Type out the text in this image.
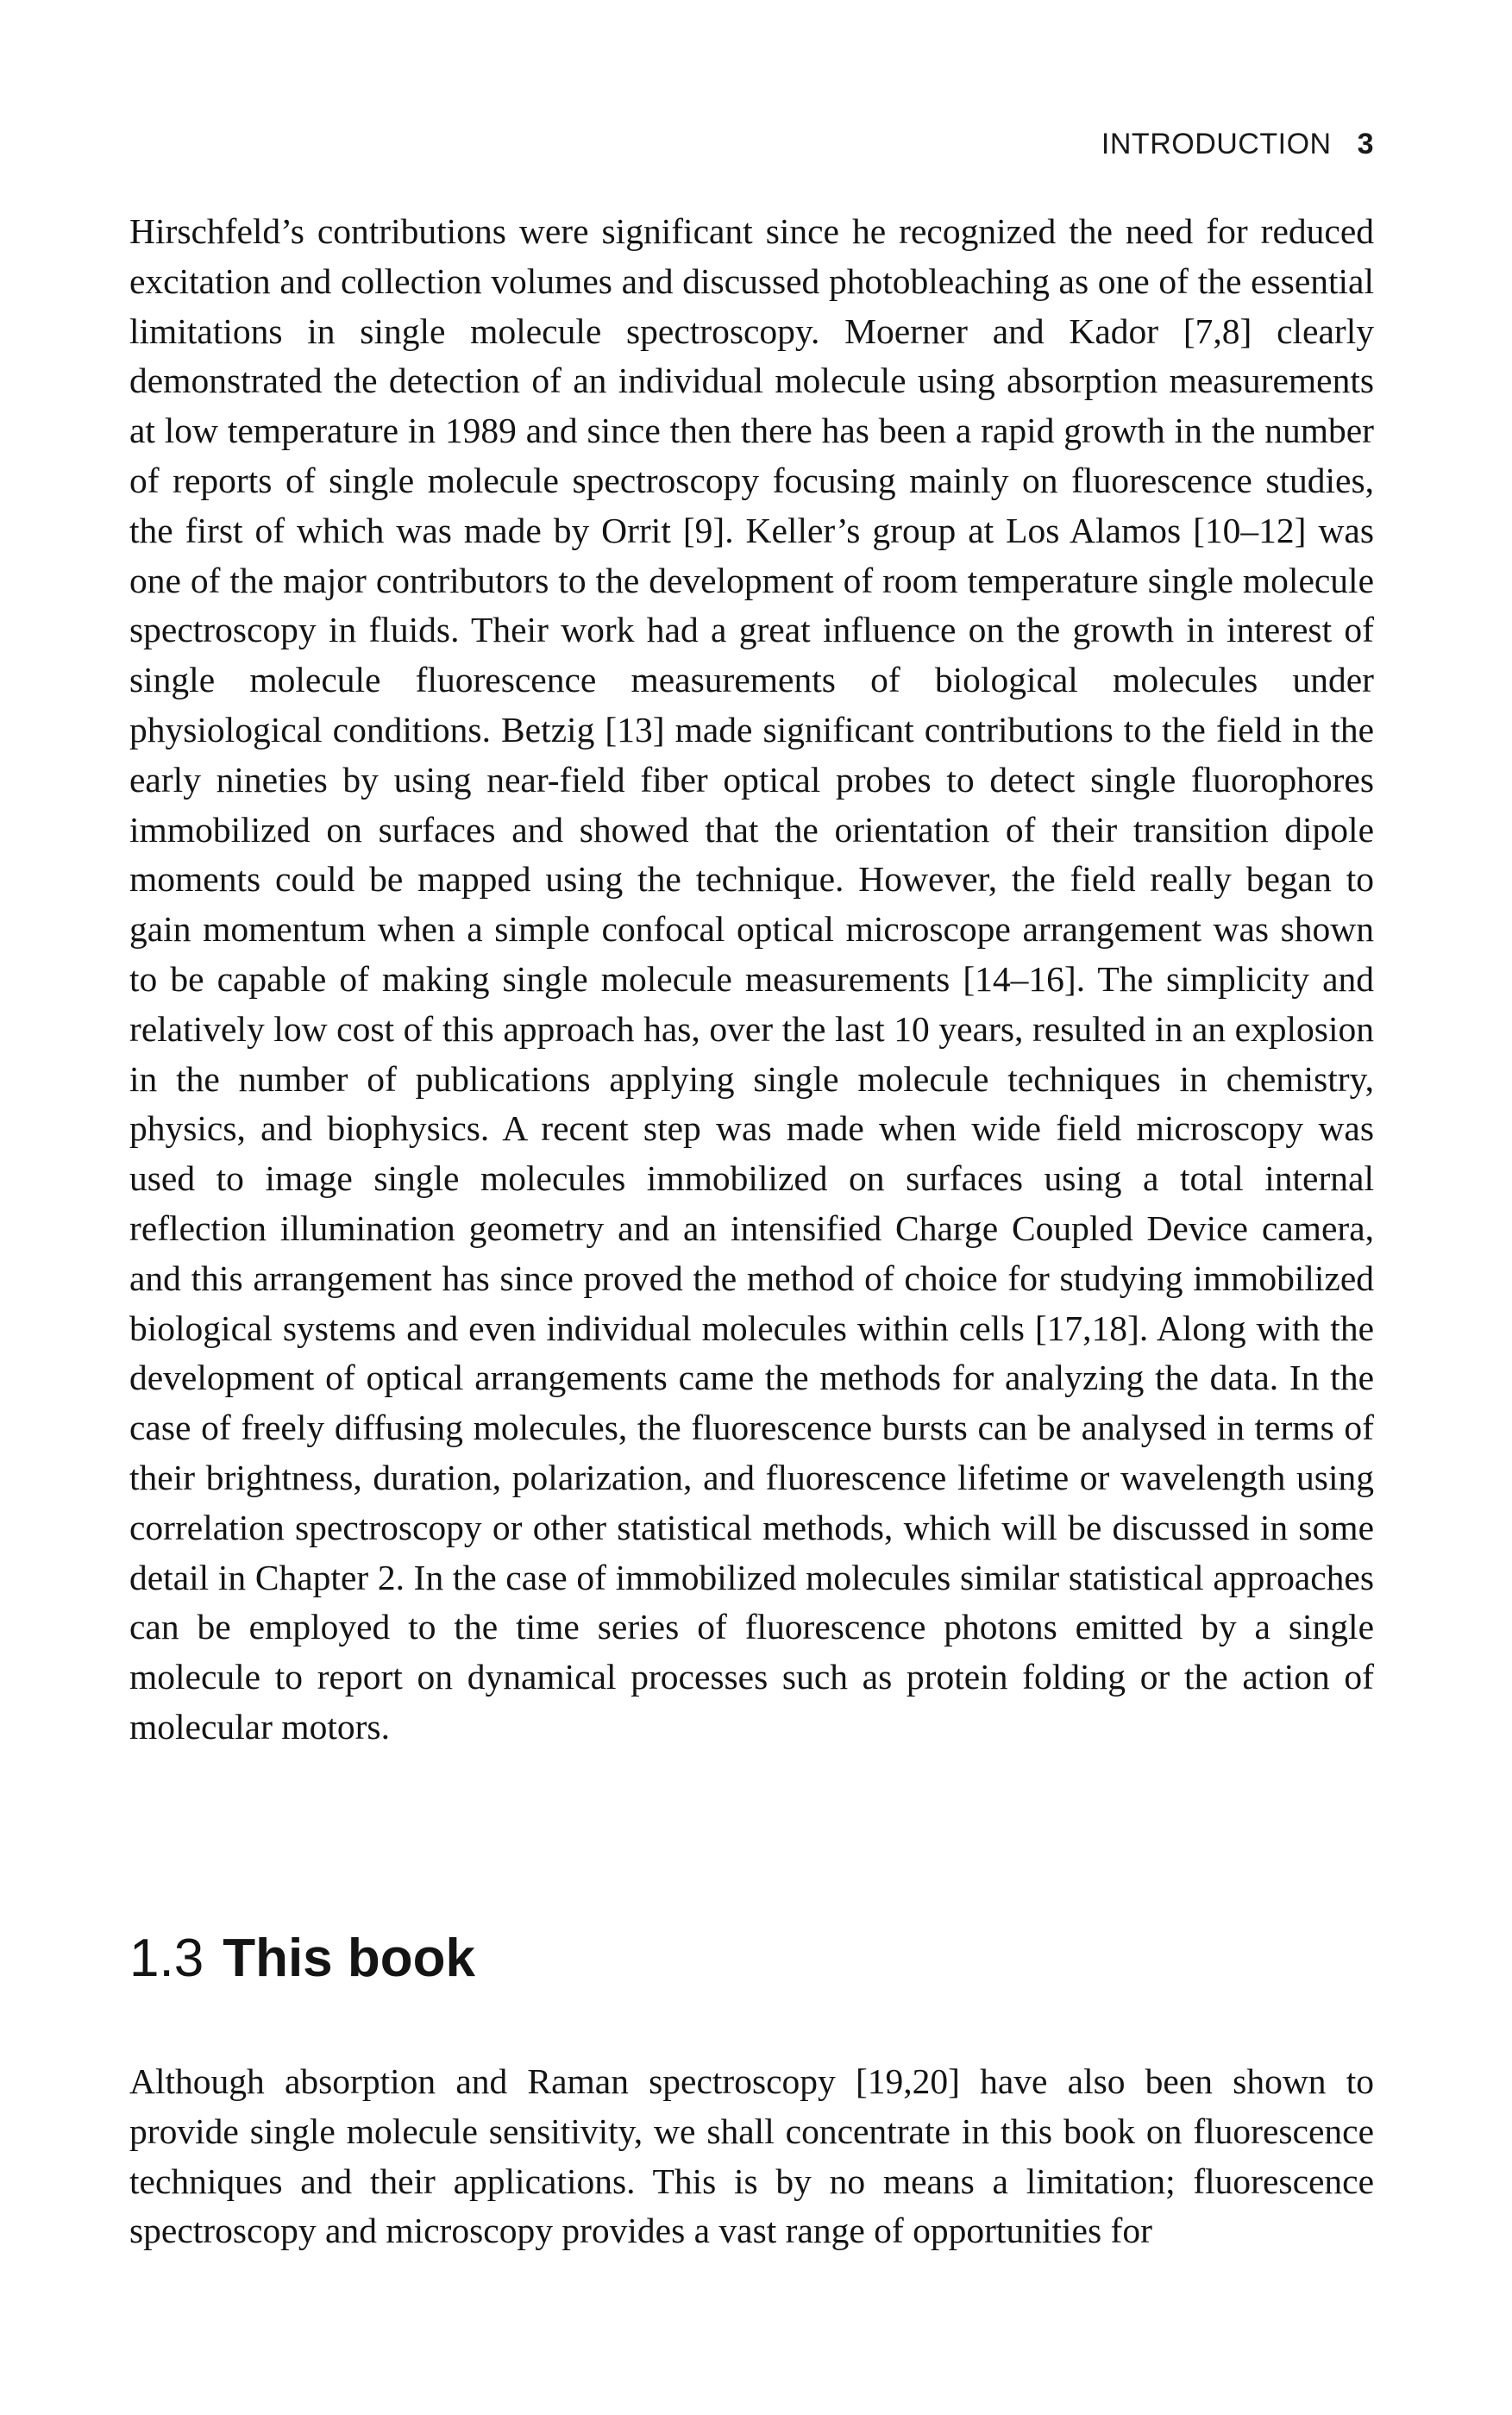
INTRODUCTION 3

Hirschfeld’s contributions were significant since he recognized the need for reduced excitation and collection volumes and discussed photobleaching as one of the essential limitations in single molecule spectroscopy. Moerner and Kador [7,8] clearly demonstrated the detection of an individual molecule using absorption measurements at low temperature in 1989 and since then there has been a rapid growth in the number of reports of single molecule spectroscopy focusing mainly on fluorescence studies, the first of which was made by Orrit [9]. Keller’s group at Los Alamos [10–12] was one of the major contributors to the development of room temperature single molecule spectroscopy in fluids. Their work had a great influence on the growth in interest of single molecule fluorescence measurements of biological molecules under physiological conditions. Betzig [13] made significant contributions to the field in the early nineties by using near-field fiber optical probes to detect single fluorophores immobilized on surfaces and showed that the orientation of their transition dipole moments could be mapped using the technique. However, the field really began to gain momentum when a simple confocal optical microscope arrangement was shown to be capable of making single molecule measurements [14–16]. The simplicity and relatively low cost of this approach has, over the last 10 years, resulted in an explosion in the number of publications applying single molecule techniques in chemistry, physics, and biophysics. A recent step was made when wide field microscopy was used to image single molecules immobilized on surfaces using a total internal reflection illumination geometry and an intensified Charge Coupled Device camera, and this arrangement has since proved the method of choice for studying immobilized biological systems and even individual molecules within cells [17,18]. Along with the development of optical arrangements came the methods for analyzing the data. In the case of freely diffusing molecules, the fluorescence bursts can be analysed in terms of their brightness, duration, polarization, and fluorescence lifetime or wavelength using correlation spectroscopy or other statistical methods, which will be discussed in some detail in Chapter 2. In the case of immobilized molecules similar statistical approaches can be employed to the time series of fluorescence photons emitted by a single molecule to report on dynamical processes such as protein folding or the action of molecular motors.

1.3 This book

Although absorption and Raman spectroscopy [19,20] have also been shown to provide single molecule sensitivity, we shall concentrate in this book on fluorescence techniques and their applications. This is by no means a limitation; fluorescence spectroscopy and microscopy provides a vast range of opportunities for
